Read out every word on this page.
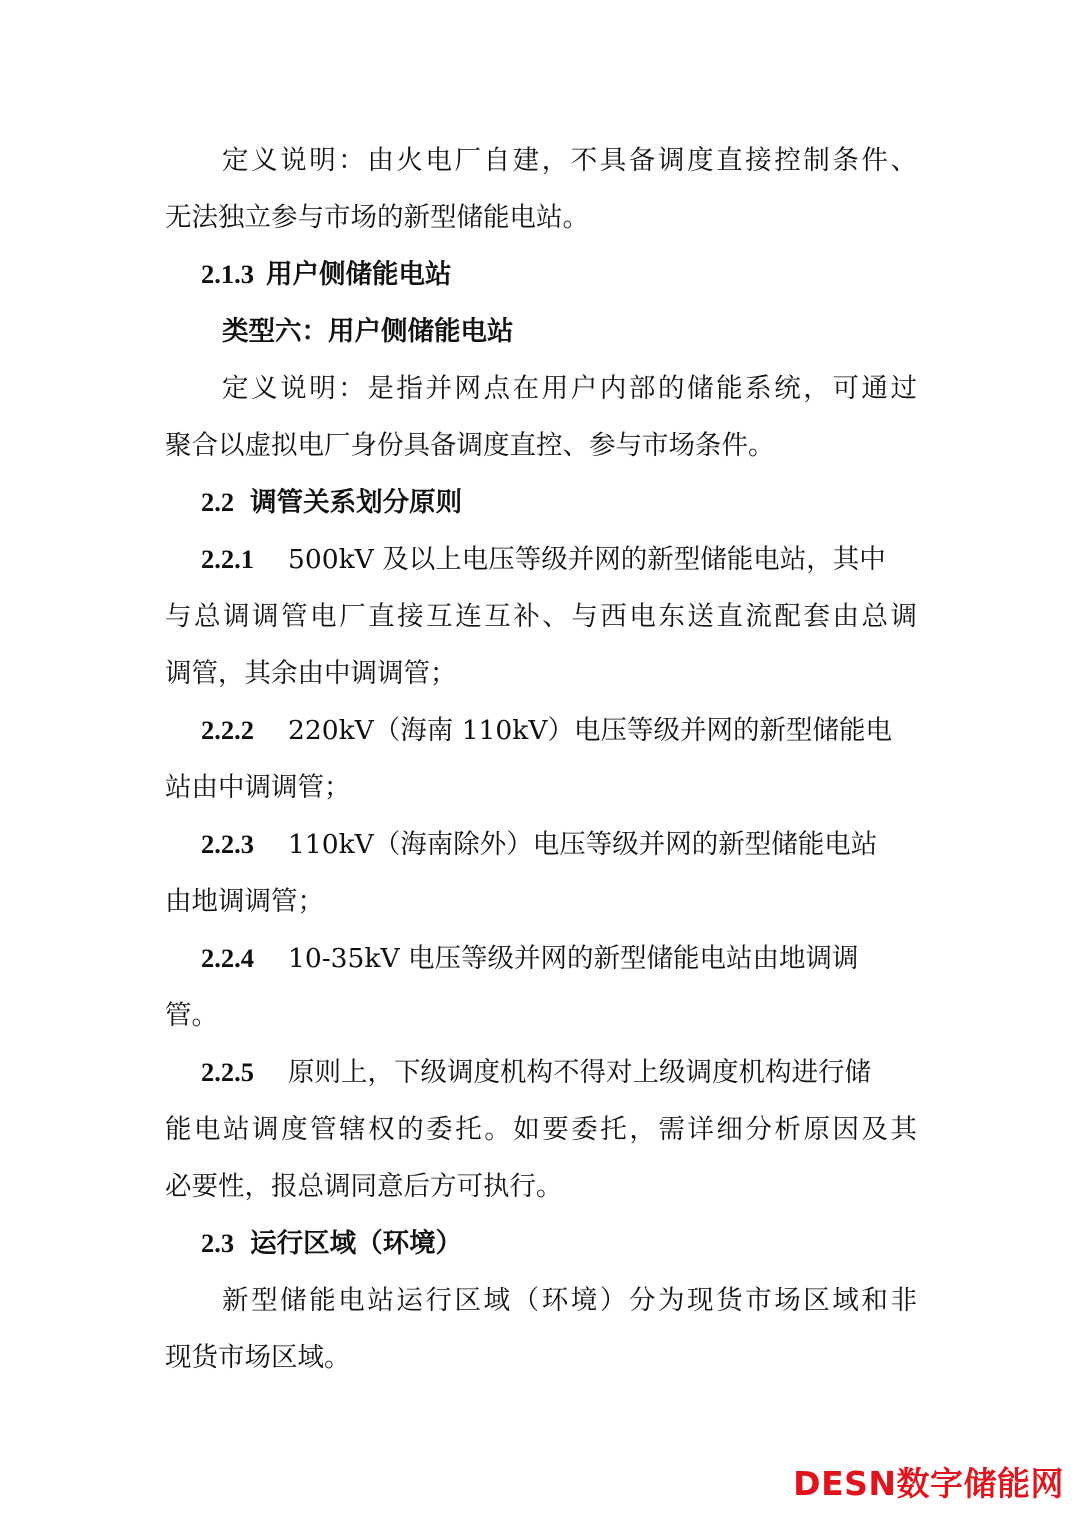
定义说明：由火电厂自建，不具备调度直接控制条件、
无法独立参与市场的新型储能电站。
2.1.3 用户侧储能电站
类型六：用户侧储能电站
定义说明：是指并网点在用户内部的储能系统，可通过
聚合以虚拟电厂身份具备调度直控、参与市场条件。
2.2 调管关系划分原则
2.2.1 500kV 及以上电压等级并网的新型储能电站，其中
与总调调管电厂直接互连互补、与西电东送直流配套由总调
调管，其余由中调调管；
2.2.2 220kV（海南 110kV）电压等级并网的新型储能电
站由中调调管；
2.2.3 110kV（海南除外）电压等级并网的新型储能电站
由地调调管；
2.2.4 10-35kV 电压等级并网的新型储能电站由地调调
管。
2.2.5 原则上，下级调度机构不得对上级调度机构进行储
能电站调度管辖权的委托。如要委托，需详细分析原因及其
必要性，报总调同意后方可执行。
2.3 运行区域（环境）
新型储能电站运行区域（环境）分为现货市场区域和非
现货市场区域。
DESN数字储能网
